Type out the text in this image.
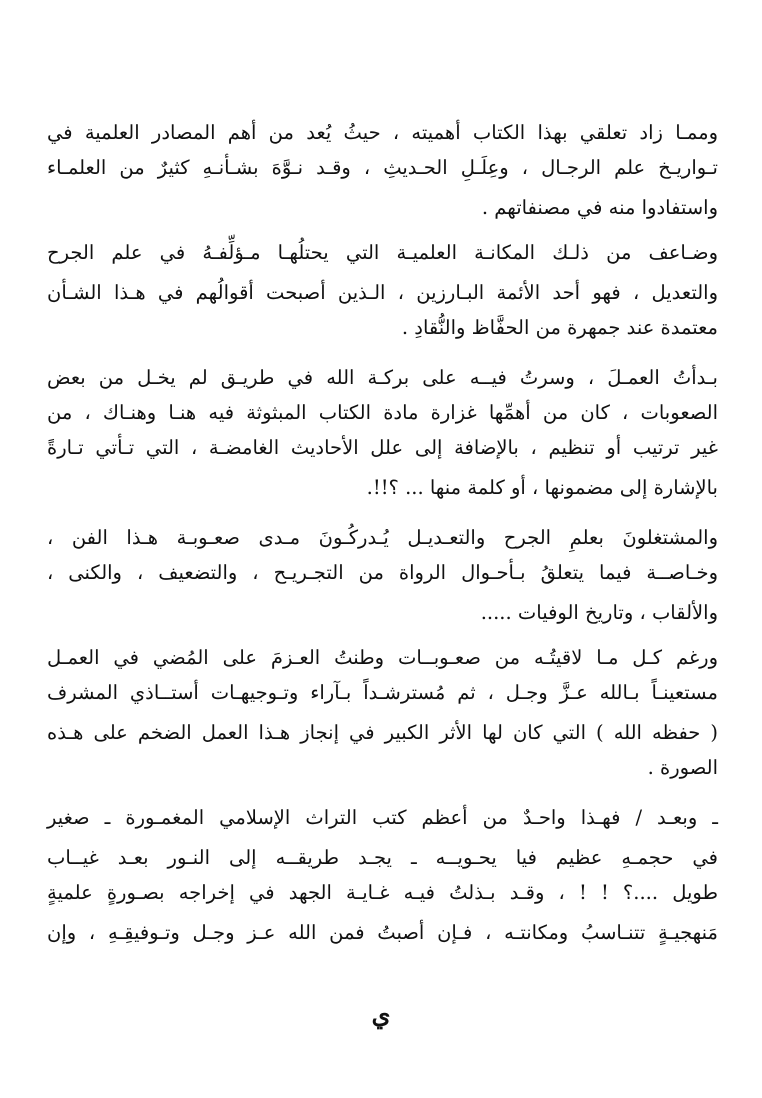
وممـا زاد تعلقي بهذا الكتاب أهميته ، حيثُ يُعد من أهم المصادر العلمية في
تـواريـخ علم الرجـال ، وعِلَـلِ الحـديثِ ، وقـد نـوَّهَ بشـأنـهِ كثيرٌ من العلمـاء
واستفادوا منه في مصنفاتهم .
وضـاعف من ذلـك المكانـة العلميـة التي يحتلُهـا مـؤلِّفـهُ في علم الجرح
والتعديل ، فهو أحد الأئمة البـارزين ، الـذين أصبحت أقوالُهم في هـذا الشـأن
معتمدة عند جمهرة من الحفَّاظ والنُّقادِ .
بـدأتُ العمـلَ ، وسرتُ فيــه على بركـة الله في طريـق لم يخـل من بعض
الصعوبات ، كان من أهمِّها غزارة مادة الكتاب المبثوثة فيه هنـا وهنـاك ، من
غير ترتيب أو تنظيم ، بالإضافة إلى علل الأحاديث الغامضـة ، التي تـأتي تـارةً
بالإشارة إلى مضمونها ، أو كلمة منها ... ؟!!.
والمشتغلونَ بعلمِ الجرح والتعـديـل يُـدركُـونَ مـدى صعـوبـة هـذا الفن ،
وخـاصــة فيما يتعلقُ بـأحـوال الرواة من التجـريـح ، والتضعيف ، والكنى ،
والألقاب ، وتاريخ الوفيات .....
ورغم كـل مـا لاقيتُـه من صعـوبــات وطنتُ العـزمَ على المُضي في العمـل
مستعينـاً بـالله عـزَّ وجـل ، ثم مُسترشـداً بـآراء وتـوجيهـات أستــاذي المشرف
( حفظه الله ) التي كان لها الأثر الكبير في إنجاز هـذا العمل الضخم على هـذه
الصورة .
ـ وبعـد / فهـذا واحـدٌ من أعظم كتب التراث الإسلامي المغمـورة ـ صغير
في حجمـهِ عظيم فيا يحـويــه ـ يجـد طريقــه إلى النـور بعـد غيــاب
طويل ....؟ ! ! ، وقـد بـذلتُ فيـه غـايـة الجهد في إخراجه بصـورةٍ علميةٍ
مَنهجيـةٍ تتنـاسبُ ومكانتـه ، فـإن أصبتُ فمن الله عـز وجـل وتـوفيقِـهِ ، وإن
ي
